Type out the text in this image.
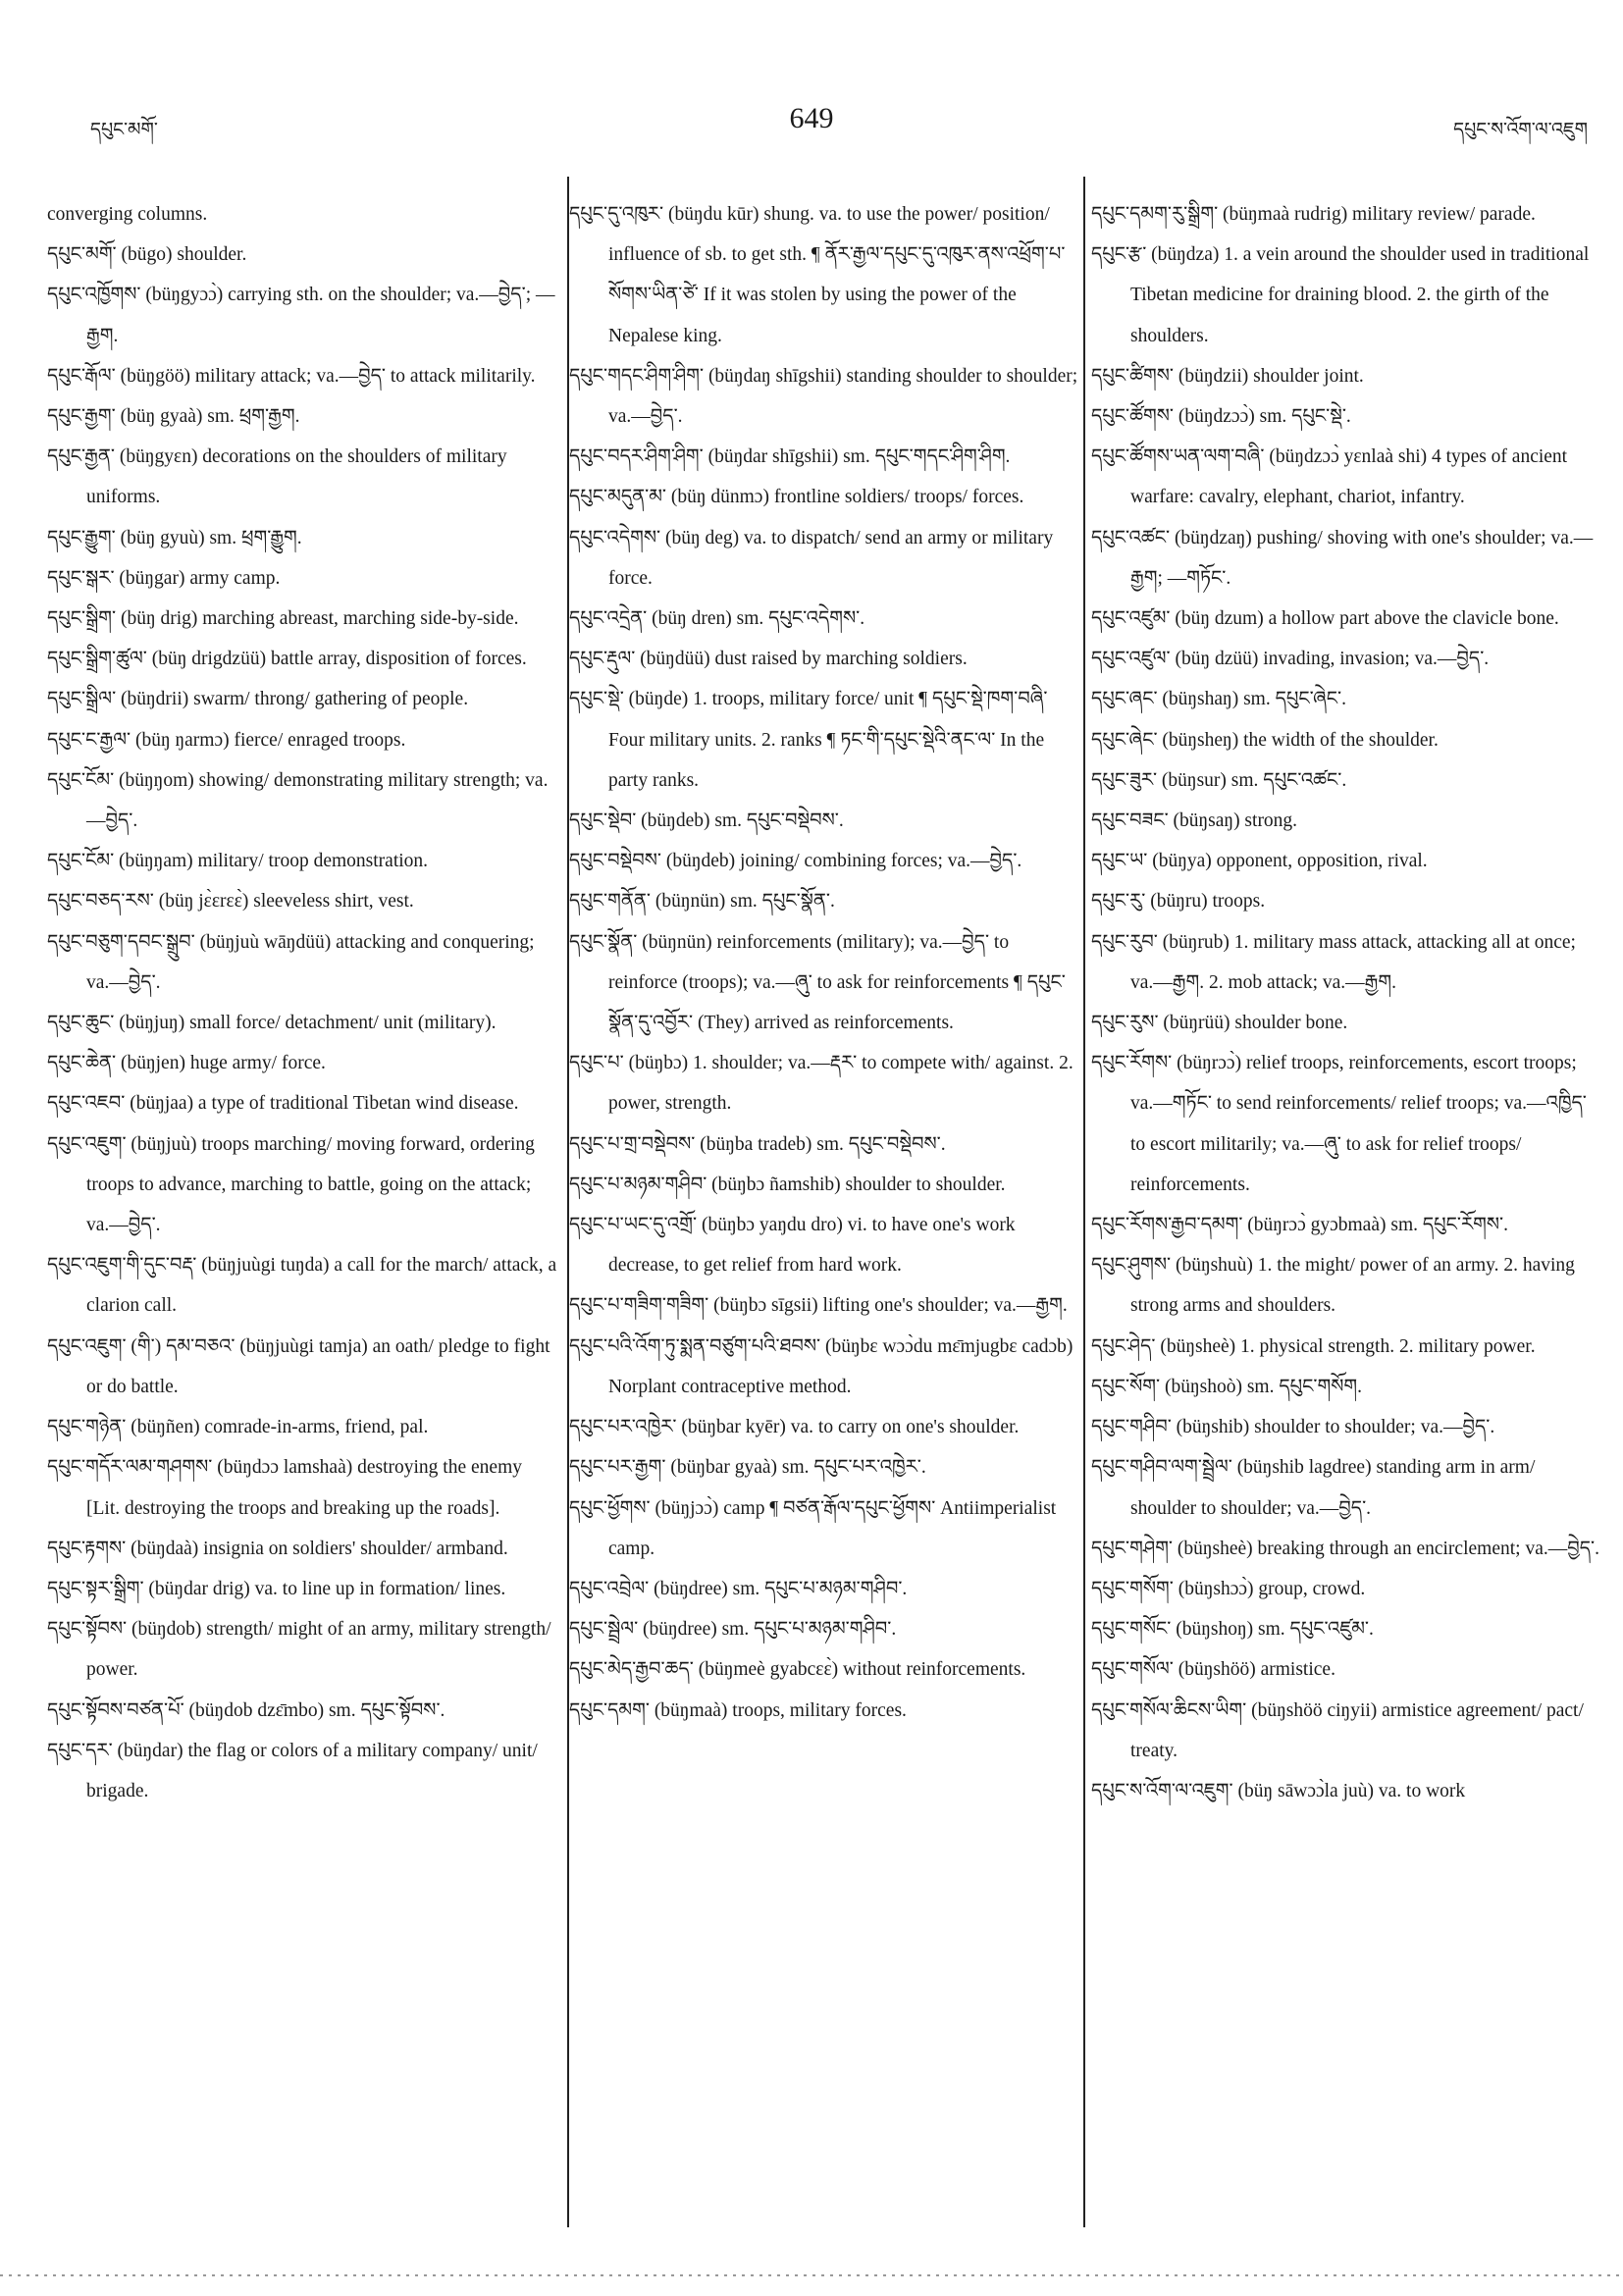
དཔུང་མགོ་	649	དཔུང་ས་འོག་ལ་འཇུག

converging columns.

དཔུང་མགོ་ (bügo) shoulder.

དཔུང་འཁྱོགས་ (büŋgyɔɔ̀) carrying sth. on the shoulder; va.—བྱེད་; —རྒྱག.

དཔུང་རྒོལ་ (büŋgöö) military attack; va.—བྱེད་ to attack militarily.

དཔུང་རྒྱག་ (büŋ gyaà) sm. ཕྲག་རྒྱག.

དཔུང་རྒྱན་ (büŋgyɛn) decorations on the shoulders of military uniforms.

དཔུང་རྒྱུག་ (büŋ gyuù) sm. ཕྲག་རྒྱུག.

དཔུང་སྒར་ (büŋgar) army camp.

དཔུང་སྒྲིག་ (büŋ drig) marching abreast, marching side-by-side.

དཔུང་སྒྲིག་ཚུལ་ (büŋ drigdzüü) battle array, disposition of forces.

དཔུང་སྒྲིལ་ (büŋdrii) swarm/ throng/ gathering of people.

དཔུང་ང་རྒྱལ་ (büŋ ŋarmɔ) fierce/ enraged troops.

དཔུང་ངོམ་ (büŋŋom) showing/ demonstrating military strength; va.—བྱེད་.

དཔུང་ངོམ་ (büŋŋam) military/ troop demonstration.

དཔུང་བཅད་རས་ (büŋ jɛ̀ɛrɛɛ̀) sleeveless shirt, vest.

དཔུང་བཅུག་དབང་སྒྲུབ་ (büŋjuù wāŋdüü) attacking and conquering; va.—བྱེད་.

དཔུང་ཆུང་ (büŋjuŋ) small force/ detachment/ unit (military).

དཔུང་ཆེན་ (büŋjen) huge army/ force.

དཔུང་འཇབ་ (büŋjaa) a type of traditional Tibetan wind disease.

དཔུང་འཇུག་ (büŋjuù) troops marching/ moving forward, ordering troops to advance, marching to battle, going on the attack; va.—བྱེད་.

དཔུང་འཇུག་གི་དུང་བརྡ་ (büŋjuùgi tuŋda) a call for the march/ attack, a clarion call.

དཔུང་འཇུག་ (གི་) དམ་བཅའ་ (büŋjuùgi tamja) an oath/ pledge to fight or do battle.

དཔུང་གཉེན་ (büŋñen) comrade-in-arms, friend, pal.

དཔུང་གདོར་ལམ་གཤགས་ (büŋdɔɔ lamshaà) destroying the enemy [Lit. destroying the troops and breaking up the roads].

དཔུང་རྟགས་ (büŋdaà) insignia on soldiers' shoulder/ armband.

དཔུང་སྟར་སྒྲིག་ (büŋdar drig) va. to line up in formation/ lines.

དཔུང་སྟོབས་ (büŋdob) strength/ might of an army, military strength/ power.

དཔུང་སྟོབས་བཙན་པོ་ (büŋdob dzɛ̄mbo) sm. དཔུང་སྟོབས་.

དཔུང་དར་ (büŋdar) the flag or colors of a military company/ unit/ brigade.

དཔུང་དུ་འཁུར་ (büŋdu kūr) shung. va. to use the power/ position/ influence of sb. to get sth. ¶ ནོར་རྒྱལ་དཔུང་དུ་འཁུར་ནས་འཕྲོག་པ་སོགས་ཡིན་ཙེ་ If it was stolen by using the power of the Nepalese king.

དཔུང་གདང་ཤིག་ཤིག་ (büŋdaŋ shīgshii) standing shoulder to shoulder; va.—བྱེད་.

དཔུང་བདར་ཤིག་ཤིག་ (büŋdar shīgshii) sm. དཔུང་གདང་ཤིག་ཤིག.

དཔུང་མདུན་མ་ (büŋ dünmɔ) frontline soldiers/ troops/ forces.

དཔུང་འདེགས་ (büŋ deg) va. to dispatch/ send an army or military force.

དཔུང་འདྲེན་ (büŋ dren) sm. དཔུང་འདེགས་.

དཔུང་རྡུལ་ (büŋdüü) dust raised by marching soldiers.

དཔུང་སྡེ་ (büŋde) 1. troops, military force/ unit ¶ དཔུང་སྡེ་ཁག་བཞི་ Four military units. 2. ranks ¶ ཏང་གི་དཔུང་སྡེའི་ནང་ལ་ In the party ranks.

དཔུང་སྡེབ་ (büŋdeb) sm. དཔུང་བསྡེབས་.

དཔུང་བསྡེབས་ (büŋdeb) joining/ combining forces; va.—བྱེད་.

དཔུང་གནོན་ (büŋnün) sm. དཔུང་སྣོན་.

དཔུང་སྣོན་ (büŋnün) reinforcements (military); va.—བྱེད་ to reinforce (troops); va.—ཞུ་ to ask for reinforcements ¶ དཔུང་སྣོན་དུ་འབྱོར་ (They) arrived as reinforcements.

དཔུང་པ་ (büŋbɔ) 1. shoulder; va.—རྡར་ to compete with/ against. 2. power, strength.

དཔུང་པ་གྲ་བསྡེབས་ (büŋba tradeb) sm. དཔུང་བསྡེབས་.

དཔུང་པ་མཉམ་གཤིབ་ (büŋbɔ ñamshib) shoulder to shoulder.

དཔུང་པ་ཡང་དུ་འགྲོ་ (büŋbɔ yaŋdu dro) vi. to have one's work decrease, to get relief from hard work.

དཔུང་པ་གཟིག་གཟིག་ (büŋbɔ sīgsii) lifting one's shoulder; va.—རྒྱག.

དཔུང་པའི་འོག་ཏུ་སྨན་བཙུག་པའི་ཐབས་ (büŋbɛ wɔɔ̀du mɛ̄mjugbɛ cadɔb) Norplant contraceptive method.

དཔུང་པར་འཁྱེར་ (büŋbar kyēr) va. to carry on one's shoulder.

དཔུང་པར་རྒྱག་ (büŋbar gyaà) sm. དཔུང་པར་འཁྱེར་.

དཔུང་ཕྱོགས་ (büŋjɔɔ̀) camp ¶ བཙན་རྒོལ་དཔུང་ཕྱོགས་ Antiimperialist camp.

དཔུང་འབྲེལ་ (büŋdree) sm. དཔུང་པ་མཉམ་གཤིབ་.

དཔུང་སྦྲེལ་ (büŋdree) sm. དཔུང་པ་མཉམ་གཤིབ་.

དཔུང་མེད་རྒྱབ་ཆད་ (büŋmeè gyabcɛɛ̀) without reinforcements.

དཔུང་དམག་ (büŋmaà) troops, military forces.

དཔུང་དམག་རུ་སྒྲིག་ (büŋmaà rudrig) military review/ parade.

དཔུང་རྩ་ (büŋdza) 1. a vein around the shoulder used in traditional Tibetan medicine for draining blood. 2. the girth of the shoulders.

དཔུང་ཚིགས་ (büŋdzii) shoulder joint.

དཔུང་ཚོགས་ (büŋdzɔɔ̀) sm. དཔུང་སྡེ་.

དཔུང་ཚོགས་ཡན་ལག་བཞི་ (büŋdzɔɔ̀ yɛnlaà shi) 4 types of ancient warfare: cavalry, elephant, chariot, infantry.

དཔུང་འཚང་ (büŋdzaŋ) pushing/ shoving with one's shoulder; va.—རྒྱག; —གཏོང་.

དཔུང་འཛུམ་ (büŋ dzum) a hollow part above the clavicle bone.

དཔུང་འཛུལ་ (büŋ dzüü) invading, invasion; va.—བྱེད་.

དཔུང་ཞང་ (büŋshaŋ) sm. དཔུང་ཞེང་.

དཔུང་ཞེང་ (büŋsheŋ) the width of the shoulder.

དཔུང་ཟུར་ (büŋsur) sm. དཔུང་འཚང་.

དཔུང་བཟང་ (büŋsaŋ) strong.

དཔུང་ཡ་ (büŋya) opponent, opposition, rival.

དཔུང་རུ་ (büŋru) troops.

དཔུང་རུབ་ (büŋrub) 1. military mass attack, attacking all at once; va.—རྒྱག. 2. mob attack; va.—རྒྱག.

དཔུང་རུས་ (büŋrüü) shoulder bone.

དཔུང་རོགས་ (büŋrɔɔ̀) relief troops, reinforcements, escort troops; va.—གཏོང་ to send reinforcements/ relief troops; va.—འཁྱིད་ to escort militarily; va.—ཞུ་ to ask for relief troops/ reinforcements.

དཔུང་རོགས་རྒྱབ་དམག་ (büŋrɔɔ̀ gyɔbmaà) sm. དཔུང་རོགས་.

དཔུང་ཤུགས་ (büŋshuù) 1. the might/ power of an army. 2. having strong arms and shoulders.

དཔུང་ཤེད་ (büŋsheè) 1. physical strength. 2. military power.

དཔུང་སོག་ (büŋshoò) sm. དཔུང་གསོག.

དཔུང་གཤིབ་ (büŋshib) shoulder to shoulder; va.—བྱེད་.

དཔུང་གཤིབ་ལག་སྦྲེལ་ (büŋshib lagdree) standing arm in arm/ shoulder to shoulder; va.—བྱེད་.

དཔུང་གཤེག་ (büŋsheè) breaking through an encirclement; va.—བྱེད་.

དཔུང་གསོག་ (büŋshɔɔ̀) group, crowd.

དཔུང་གསོང་ (büŋshoŋ) sm. དཔུང་འཛུམ་.

དཔུང་གསོལ་ (büŋshöö) armistice.

དཔུང་གསོལ་ཆིངས་ཡིག་ (büŋshöö ciŋyii) armistice agreement/ pact/ treaty.

དཔུང་ས་འོག་ལ་འཇུག་ (büŋ sāwɔɔ̀la juù) va. to work
